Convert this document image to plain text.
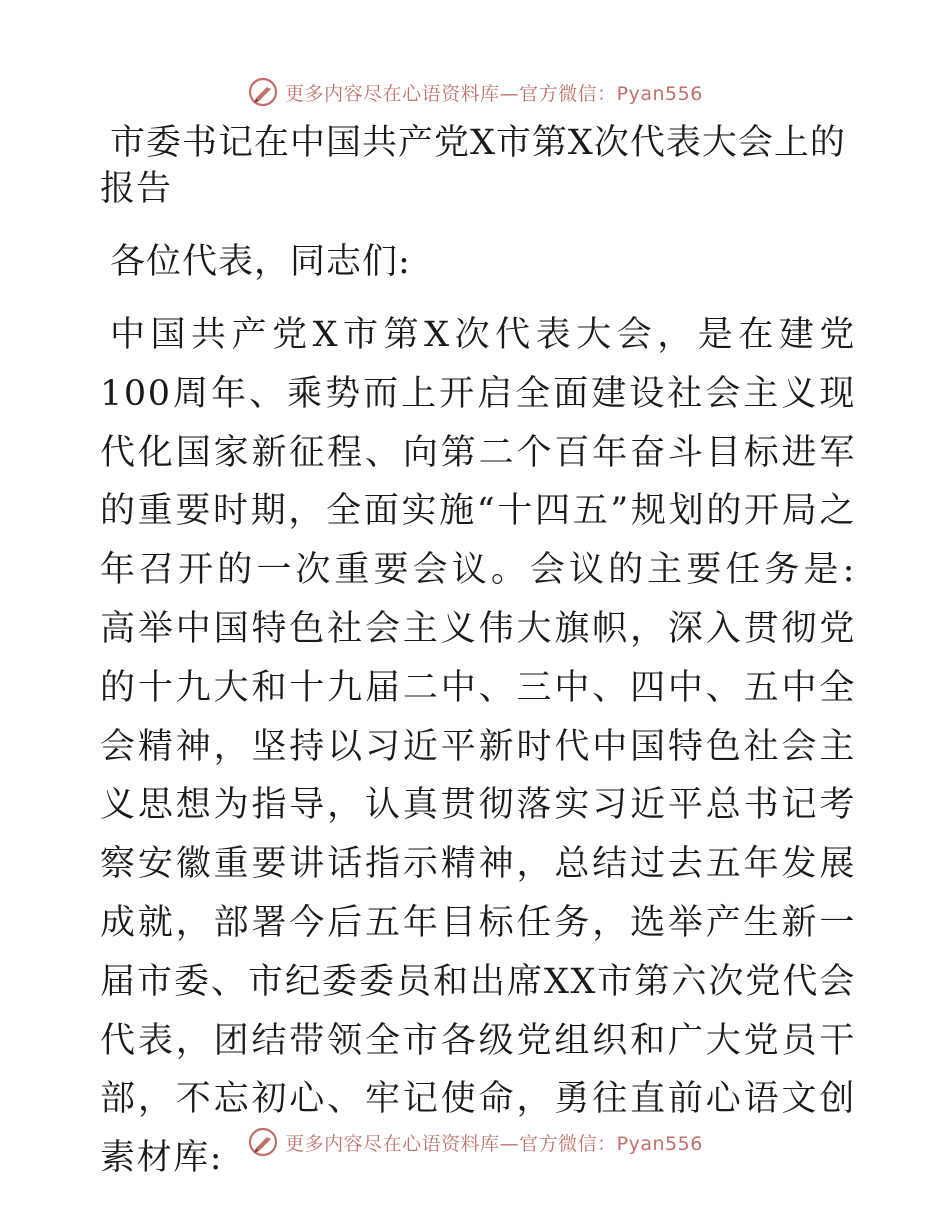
更多内容尽在心语资料库—官方微信：Pyan556
市委书记在中国共产党X市第X次代表大会上的报告

各位代表，同志们:

中国共产党X市第X次代表大会，是在建党100周年、乘势而上开启全面建设社会主义现代化国家新征程、向第二个百年奋斗目标进军的重要时期，全面实施“十四五”规划的开局之年召开的一次重要会议。会议的主要任务是: 高举中国特色社会主义伟大旗帜，深入贯彻党的十九大和十九届二中、三中、四中、五中全会精神，坚持以习近平新时代中国特色社会主义思想为指导，认真贯彻落实习近平总书记考察安徽重要讲话指示精神，总结过去五年发展成就，部署今后五年目标任务，选举产生新一届市委、市纪委委员和出席XX市第六次党代会代表，团结带领全市各级党组织和广大党员干部，不忘初心、牢记使命，勇往直前心语文创素材库:	更多内容尽在心语资料库—官方微信：Pyan556
